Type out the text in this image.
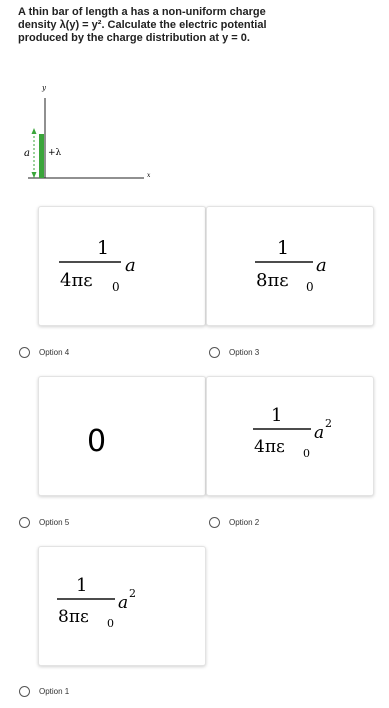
A thin bar of length a has a non-uniform charge density λ(y) = y². Calculate the electric potential produced by the charge distribution at y = 0.
y
x
a +λ
1
4πε 0
a
Option 4
1
8πε 0
a
Option 3
0
Option 5
1
4πε 0
a 2
Option 2
1
8πε 0
a 2
Option 1
